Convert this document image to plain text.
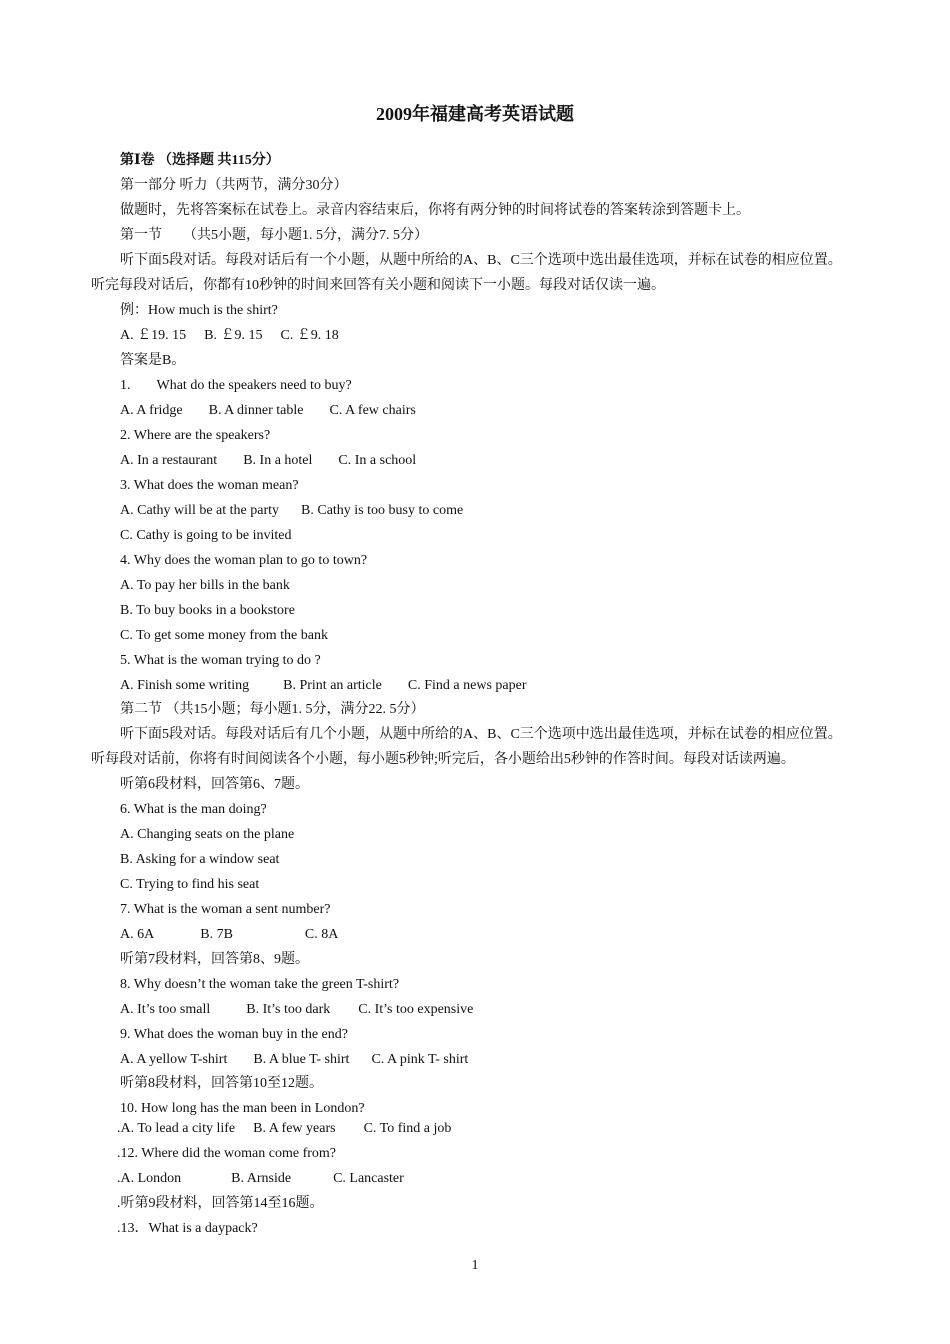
2009年福建高考英语试题
第Ⅰ卷 （选择题 共115分）
第一部分 听力（共两节，满分30分）
做题时，先将答案标在试卷上。录音内容结束后，你将有两分钟的时间将试卷的答案转涂到答题卡上。
第一节　　（共5小题，每小题1. 5分，满分7. 5分）
听下面5段对话。每段对话后有一个小题，从题中所给的A、B、C三个选项中选出最佳选项，并标在试卷的相应位置。
听完每段对话后，你都有10秒钟的时间来回答有关小题和阅读下一小题。每段对话仅读一遍。
例：How much is the shirt?
A. ￡19. 15 B. ￡9. 15 C. ￡9. 18
答案是B。
1. What do the speakers need to buy?
A. A fridge B. A dinner table C. A few chairs
2. Where are the speakers?
A. In a restaurant B. In a hotel C. In a school
3. What does the woman mean?
A. Cathy will be at the party B. Cathy is too busy to come
C. Cathy is going to be invited
4. Why does the woman plan to go to town?
A. To pay her bills in the bank
B. To buy books in a bookstore
C. To get some money from the bank
5. What is the woman trying to do ?
A. Finish some writing B. Print an article C. Find a news paper
第二节 （共15小题；每小题1. 5分，满分22. 5分）
听下面5段对话。每段对话后有几个小题，从题中所给的A、B、C三个选项中选出最佳选项，并标在试卷的相应位置。
听每段对话前，你将有时间阅读各个小题，每小题5秒钟;听完后，各小题给出5秒钟的作答时间。每段对话读两遍。
听第6段材料，回答第6、7题。
6. What is the man doing?
A. Changing seats on the plane
B. Asking for a window seat
C. Trying to find his seat
7. What is the woman a sent number?
A. 6A	B. 7B	C. 8A
听第7段材料，回答第8、9题。
8. Why doesn’t the woman take the green T-shirt?
A. It’s too small	B. It’s too dark C. It’s too expensive
9. What does the woman buy in the end?
A. A yellow T-shirt B. A blue T- shirt C. A pink T- shirt
听第8段材料，回答第10至12题。
10. How long has the man been in London?
.A. To lead a city life B. A few years C. To find a job
.12. Where did the woman come from?
.A. London	B. Arnside	C. Lancaster
.听第9段材料，回答第14至16题。
.13．What is a daypack?
1
